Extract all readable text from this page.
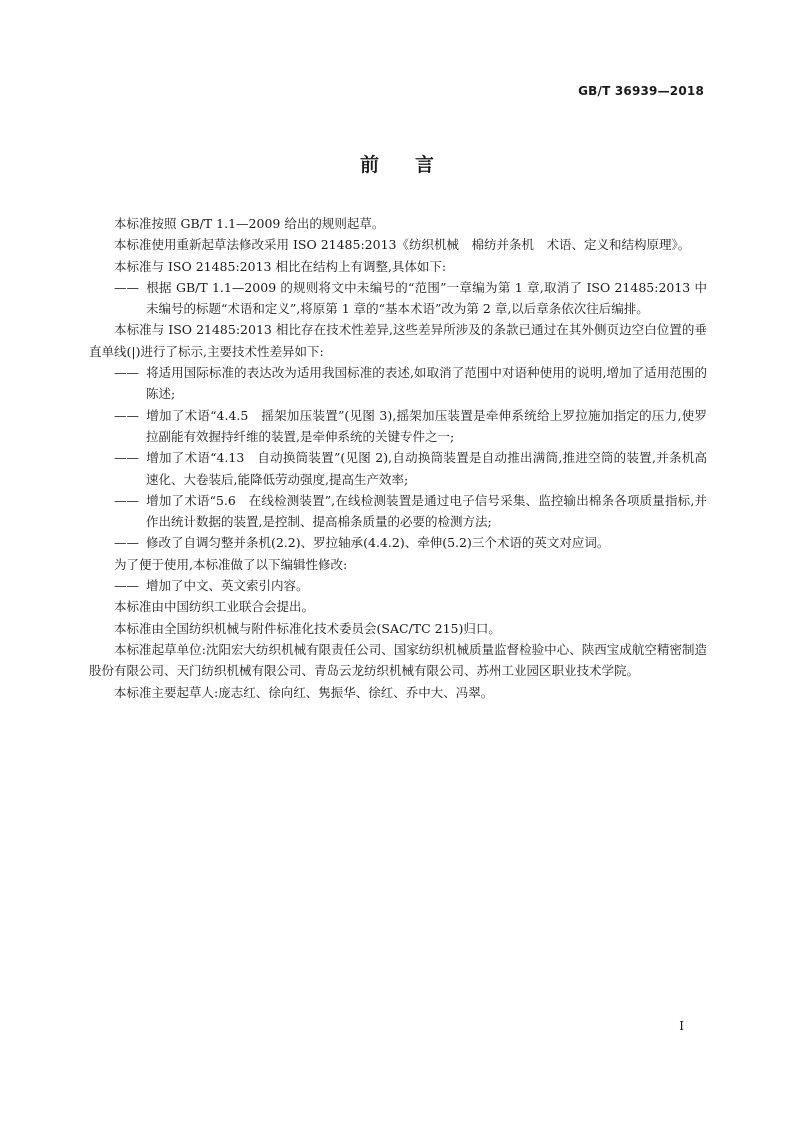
GB/T 36939—2018
前言

本标准按照 GB/T 1.1—2009 给出的规则起草。

本标准使用重新起草法修改采用 ISO 21485:2013《纺织机械　棉纺并条机　术语、定义和结构原理》。

本标准与 ISO 21485:2013 相比在结构上有调整,具体如下:

—— 根据 GB/T 1.1—2009 的规则将文中未编号的“范围”一章编为第 1 章,取消了 ISO 21485:2013 中未编号的标题“术语和定义”,将原第 1 章的“基本术语”改为第 2 章,以后章条依次往后编排。

本标准与 ISO 21485:2013 相比存在技术性差异,这些差异所涉及的条款已通过在其外侧页边空白位置的垂直单线(|)进行了标示,主要技术性差异如下:

—— 将适用国际标准的表达改为适用我国标准的表述,如取消了范围中对语种使用的说明,增加了适用范围的陈述;

—— 增加了术语“4.4.5　摇架加压装置”(见图 3),摇架加压装置是牵伸系统给上罗拉施加指定的压力,使罗拉副能有效握持纤维的装置,是牵伸系统的关键专件之一;

—— 增加了术语“4.13　自动换筒装置”(见图 2),自动换筒装置是自动推出满筒,推进空筒的装置,并条机高速化、大卷装后,能降低劳动强度,提高生产效率;

—— 增加了术语“5.6　在线检测装置”,在线检测装置是通过电子信号采集、监控输出棉条各项质量指标,并作出统计数据的装置,是控制、提高棉条质量的必要的检测方法;

—— 修改了自调匀整并条机(2.2)、罗拉轴承(4.4.2)、牵伸(5.2)三个术语的英文对应词。

为了便于使用,本标准做了以下编辑性修改:

—— 增加了中文、英文索引内容。

本标准由中国纺织工业联合会提出。

本标准由全国纺织机械与附件标准化技术委员会(SAC/TC 215)归口。

本标准起草单位:沈阳宏大纺织机械有限责任公司、国家纺织机械质量监督检验中心、陕西宝成航空精密制造股份有限公司、天门纺织机械有限公司、青岛云龙纺织机械有限公司、苏州工业园区职业技术学院。

本标准主要起草人:庞志红、徐向红、隽振华、徐红、乔中大、冯翠。

I
